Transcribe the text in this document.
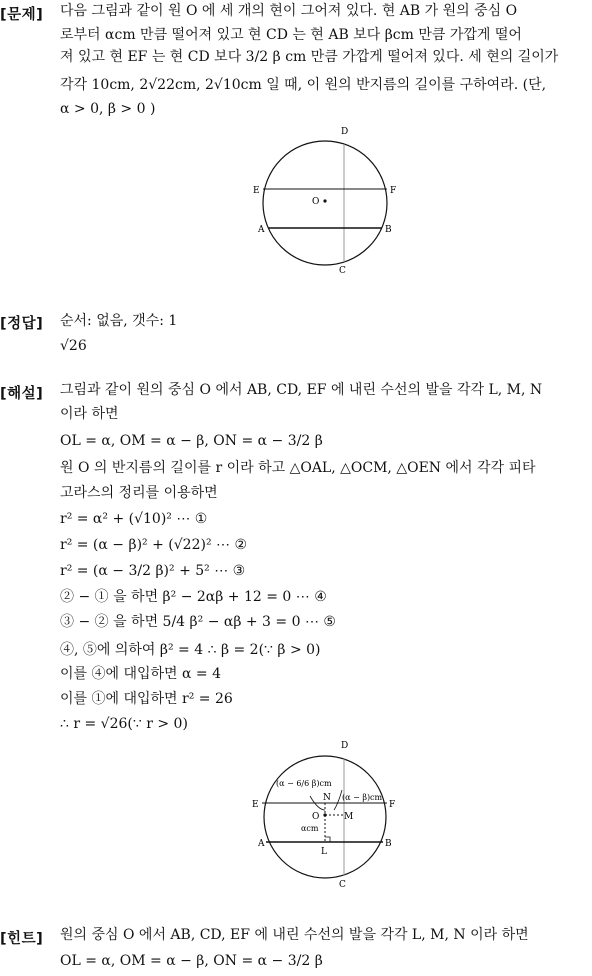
[문제] 다음 그림과 같이 원 O 에 세 개의 현이 그어져 있다. 현 AB 가 원의 중심 O
로부터 αcm 만큼 떨어져 있고 현 CD 는 현 AB 보다 βcm 만큼 가깝게 떨어
져 있고 현 EF 는 현 CD 보다 3/2 β cm 만큼 가깝게 떨어져 있다. 세 현의 길이가
각각 10cm, 2√22cm, 2√10cm 일 때, 이 원의 반지름의 길이를 구하여라. (단,
α > 0, β > 0 )
D
E	F
O
A	B
C
[정답] 순서: 없음, 갯수: 1
√26
[해설] 그림과 같이 원의 중심 O 에서 AB, CD, EF 에 내린 수선의 발을 각각 L, M, N
이라 하면
OL = α, OM = α − β, ON = α − 3/2 β
원 O 의 반지름의 길이를 r 이라 하고 △OAL, △OCM, △OEN 에서 각각 피타
고라스의 정리를 이용하면
r² = α² + (√10)² ⋯ ①
r² = (α − β)² + (√22)² ⋯ ②
r² = (α − 3/2 β)² + 5² ⋯ ③
② − ① 을 하면 β² − 2αβ + 12 = 0 ⋯ ④
③ − ② 을 하면 5/4 β² − αβ + 3 = 0 ⋯ ⑤
④, ⑤에 의하여 β² = 4 ∴ β = 2(∵ β > 0)
이를 ④에 대입하면 α = 4
이를 ①에 대입하면 r² = 26
∴ r = √26(∵ r > 0)
(α − 6/6 β)cm
(α − β)cm
αcm
D
E	F
O
A	B
C
N
M
L
[힌트] 원의 중심 O 에서 AB, CD, EF 에 내린 수선의 발을 각각 L, M, N 이라 하면
OL = α, OM = α − β, ON = α − 3/2 β
